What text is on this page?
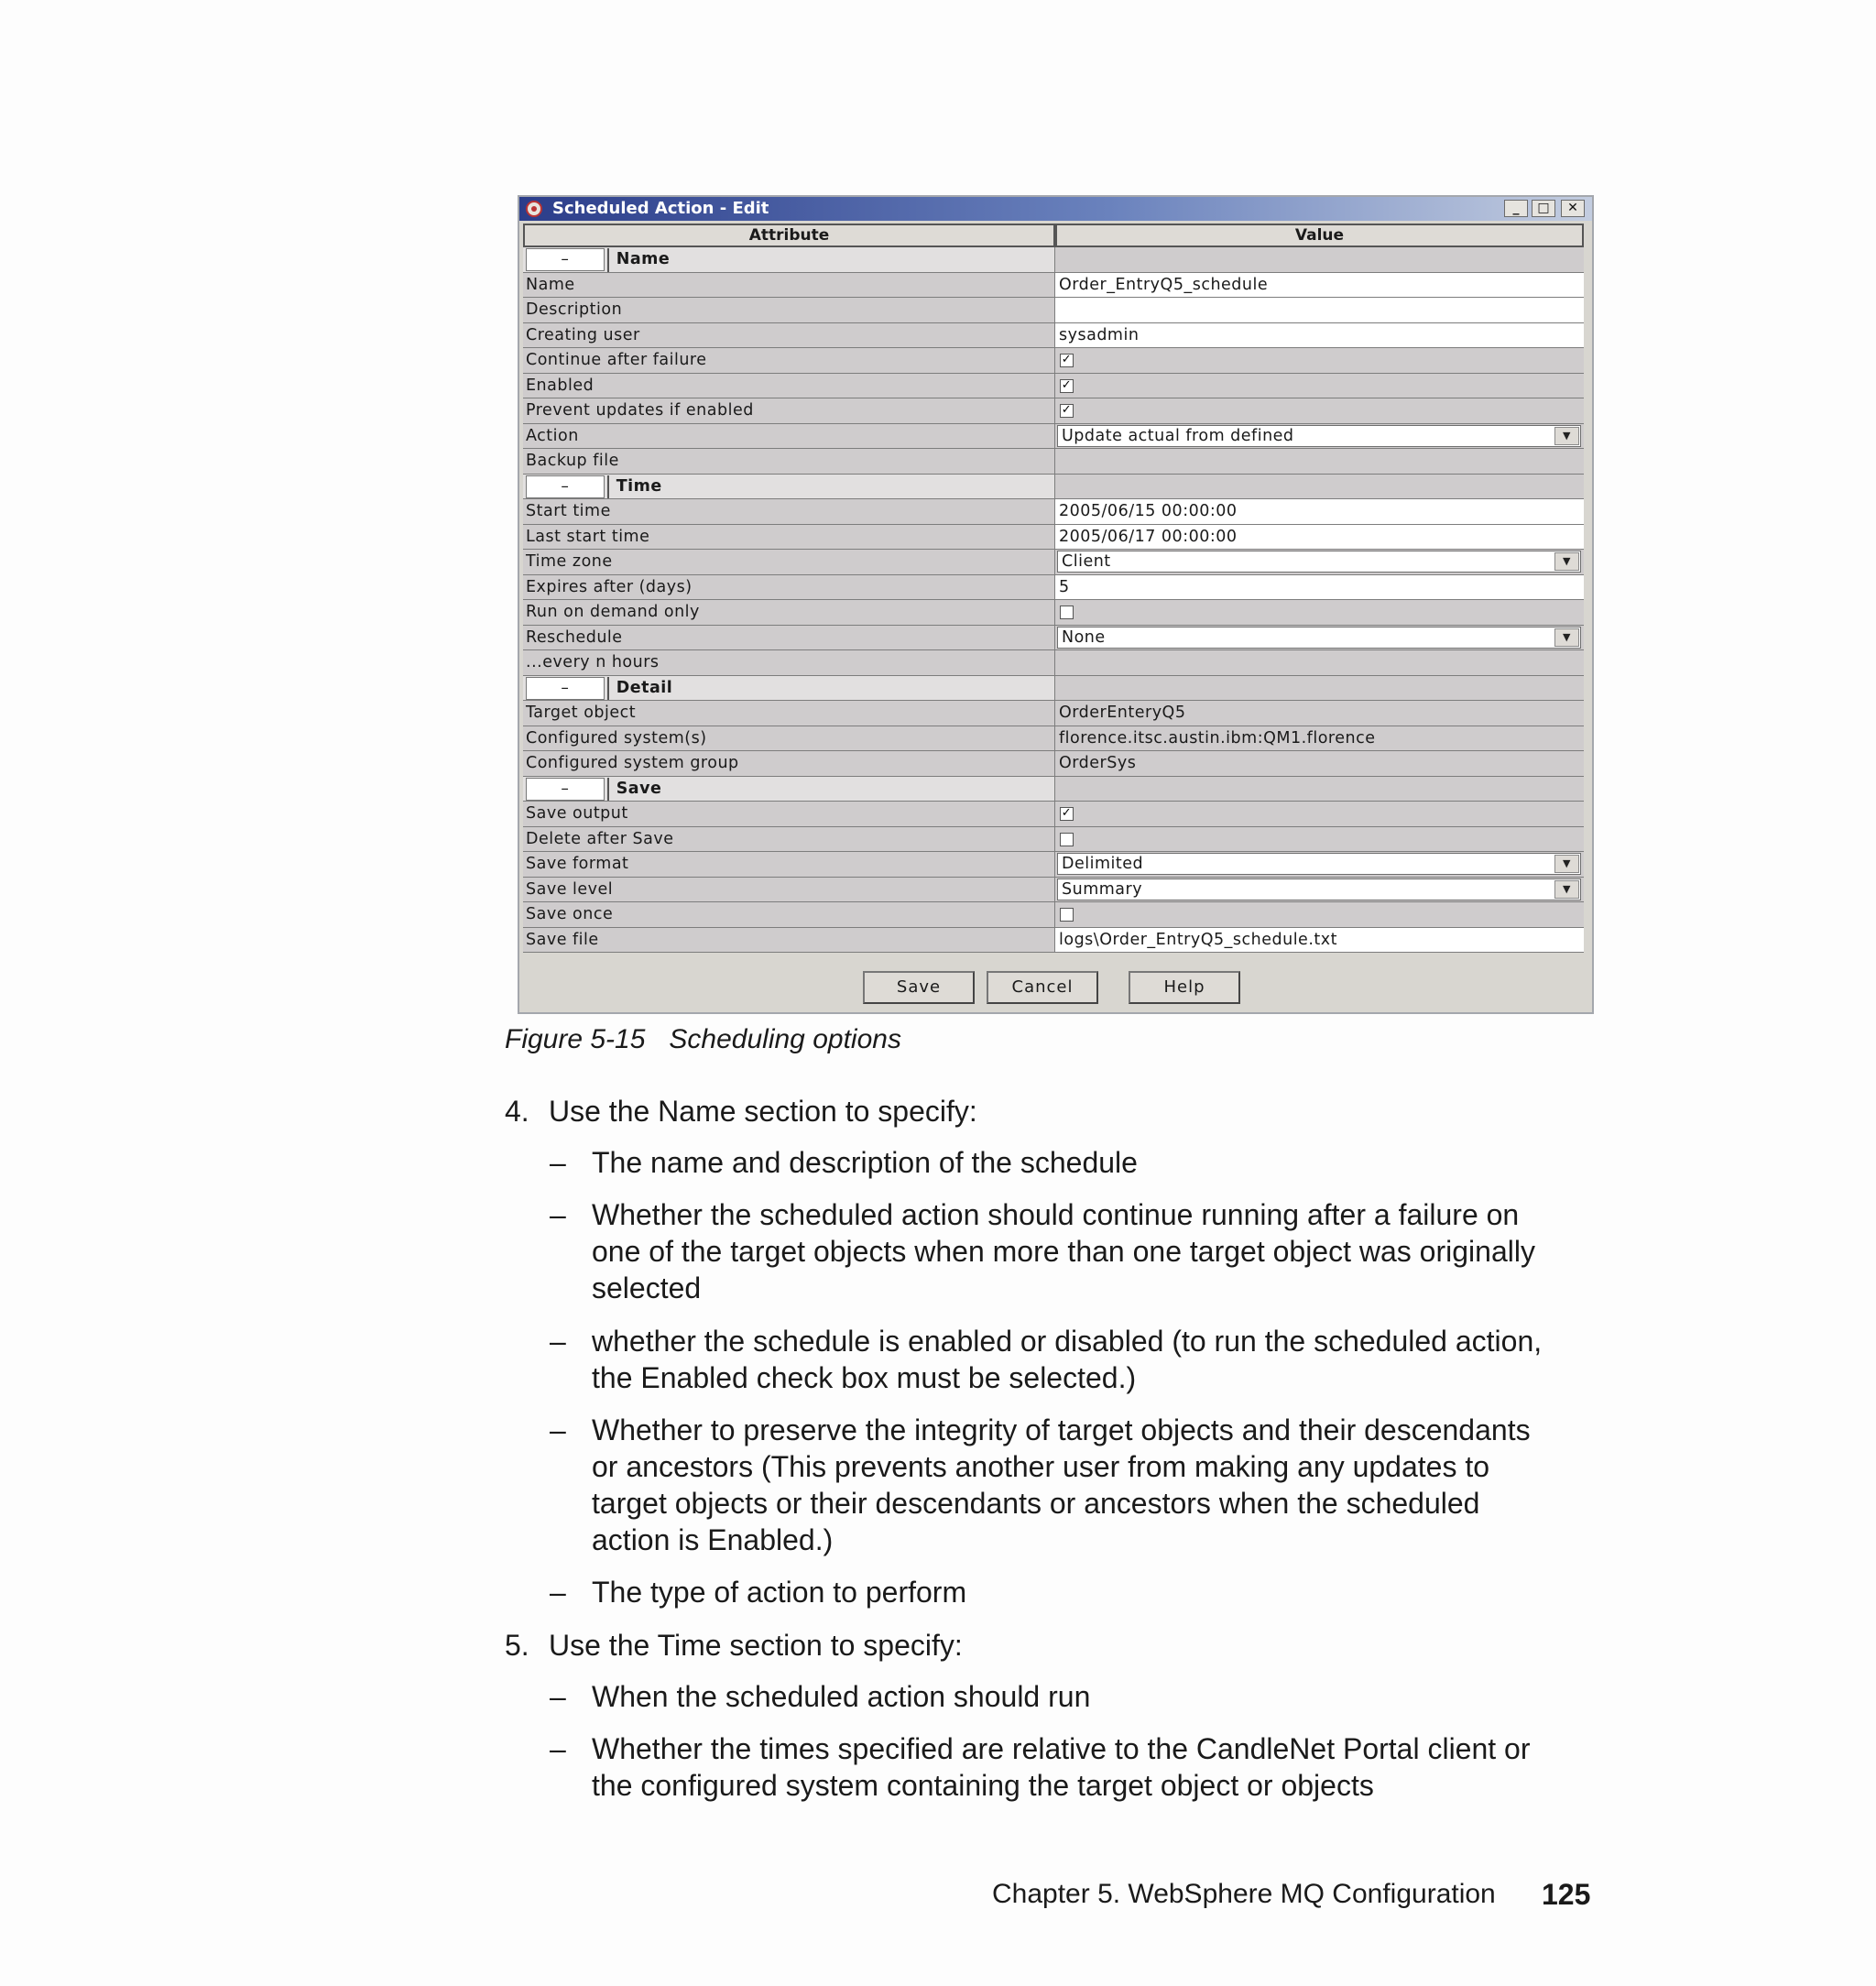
Scheduled Action - Edit	_	□	✕
Attribute	Value
–	Name
Name	Order_EntryQ5_schedule
Description
Creating user	sysadmin
Continue after failure	✓
Enabled	✓
Prevent updates if enabled	✓
Action	Update actual from defined	▼
Backup file
–	Time
Start time	2005/06/15 00:00:00
Last start time	2005/06/17 00:00:00
Time zone	Client	▼
Expires after (days)	5
Run on demand only
Reschedule	None	▼
...every n hours
–	Detail
Target object	OrderEnteryQ5
Configured system(s)	florence.itsc.austin.ibm:QM1.florence
Configured system group	OrderSys
–	Save
Save output	✓
Delete after Save
Save format	Delimited	▼
Save level	Summary	▼
Save once
Save file	logs\Order_EntryQ5_schedule.txt
Save	Cancel	Help
Figure 5-15 Scheduling options
4. Use the Name section to specify:
– The name and description of the schedule
– Whether the scheduled action should continue running after a failure on
one of the target objects when more than one target object was originally
selected
– whether the schedule is enabled or disabled (to run the scheduled action,
the Enabled check box must be selected.)
– Whether to preserve the integrity of target objects and their descendants
or ancestors (This prevents another user from making any updates to
target objects or their descendants or ancestors when the scheduled
action is Enabled.)
– The type of action to perform
5. Use the Time section to specify:
– When the scheduled action should run
– Whether the times specified are relative to the CandleNet Portal client or
the configured system containing the target object or objects
Chapter 5. WebSphere MQ Configuration 125
